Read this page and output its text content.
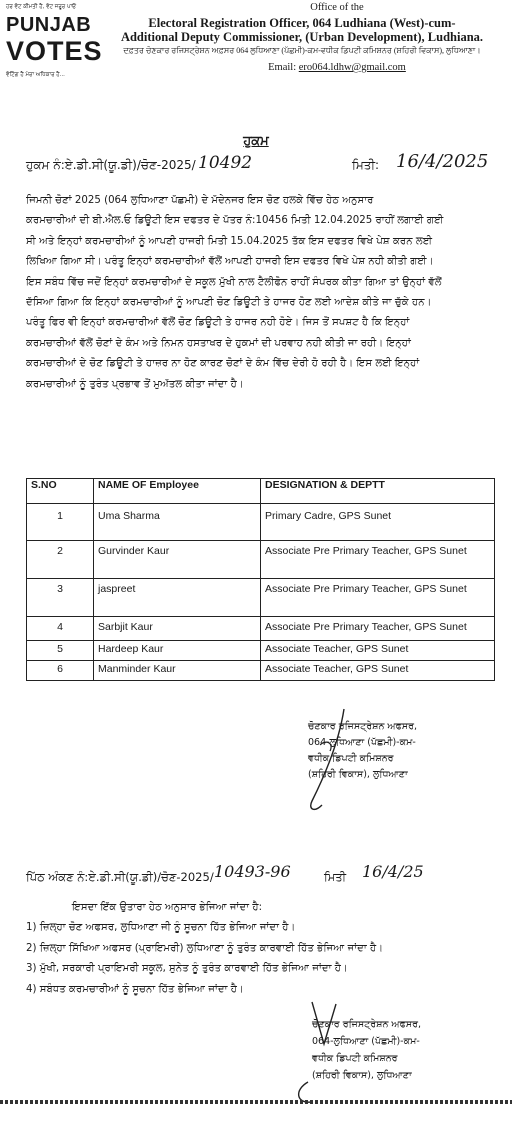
ਹਰ ਵੋਟ ਕੀਮਤੀ ਹੈ, ਵੋਟ ਜਰੂਰ ਪਾਓ
PUNJAB
VOTES
ਵੋਟਿੰਗ ਹੈ ਮੇਰਾ ਅਧਿਕਾਰ ਹੈ...
Office of the
Electoral Registration Officer, 064 Ludhiana (West)-cum-
Additional Deputy Commissioner, (Urban Development), Ludhiana.
ਦਫ਼ਤਰ ਚੋਣਕਾਰ ਰਜਿਸਟ੍ਰੇਸ਼ਨ ਅਫ਼ਸਰ 064 ਲੁਧਿਆਣਾ (ਪੱਛਮੀ)-ਕਮ-ਵਧੀਕ ਡਿਪਟੀ ਕਮਿਸ਼ਨਰ (ਸ਼ਹਿਰੀ ਵਿਕਾਸ), ਲੁਧਿਆਣਾ।
Email: ero064.ldhw@gmail.com
ਹੁਕਮ
ਹੁਕਮ ਨੰ:ਏ.ਡੀ.ਸੀ(ਯੂ.ਡੀ)/ਚੋਣ-2025/ 10492	ਮਿਤੀ: 16/4/2025
ਜਿਮਨੀ ਚੋਣਾਂ 2025 (064 ਲੁਧਿਆਣਾ ਪੱਛਮੀ) ਦੇ ਮੱਦੇਨਜਰ ਇਸ ਚੋਣ ਹਲਕੇ ਵਿੱਚ ਹੇਠ ਅਨੁਸਾਰ
ਕਰਮਚਾਰੀਆਂ ਦੀ ਬੀ.ਐਲ.ਓ ਡਿਊਟੀ ਇਸ ਦਫਤਰ ਦੇ ਪੱਤਰ ਨੰ:10456 ਮਿਤੀ 12.04.2025 ਰਾਹੀਂ ਲਗਾਈ ਗਈ
ਸੀ ਅਤੇ ਇਨ੍ਹਾਂ ਕਰਮਚਾਰੀਆਂ ਨੂੰ ਆਪਣੀ ਹਾਜਰੀ ਮਿਤੀ 15.04.2025 ਤੱਕ ਇਸ ਦਫਤਰ ਵਿਖੇ ਪੇਸ਼ ਕਰਨ ਲਈ
ਲਿਖਿਆ ਗਿਆ ਸੀ। ਪਰੰਤੂ ਇਨ੍ਹਾਂ ਕਰਮਚਾਰੀਆਂ ਵੱਲੋਂ ਆਪਣੀ ਹਾਜਰੀ ਇਸ ਦਫਤਰ ਵਿਖੇ ਪੇਸ਼ ਨਹੀ ਕੀਤੀ ਗਈ।
ਇਸ ਸਬੰਧ ਵਿੱਚ ਜਦੋਂ ਇਨ੍ਹਾਂ ਕਰਮਚਾਰੀਆਂ ਦੇ ਸਕੂਲ ਮੁੱਖੀ ਨਾਲ ਟੈਲੀਫੋਨ ਰਾਹੀਂ ਸੰਪਰਕ ਕੀਤਾ ਗਿਆ ਤਾਂ ਉਨ੍ਹਾਂ ਵੱਲੋਂ
ਦੱਸਿਆ ਗਿਆ ਕਿ ਇਨ੍ਹਾਂ ਕਰਮਚਾਰੀਆਂ ਨੂੰ ਆਪਣੀ ਚੋਣ ਡਿਊਟੀ ਤੇ ਹਾਜਰ ਹੋਣ ਲਈ ਆਦੇਸ਼ ਕੀਤੇ ਜਾ ਚੁੱਕੇ ਹਨ।
ਪਰੰਤੂ ਫਿਰ ਵੀ ਇਨ੍ਹਾਂ ਕਰਮਚਾਰੀਆਂ ਵੱਲੋਂ ਚੋਣ ਡਿਊਟੀ ਤੇ ਹਾਜਰ ਨਹੀ ਹੋਏ। ਜਿਸ ਤੋਂ ਸਪਸ਼ਟ ਹੈ ਕਿ ਇਨ੍ਹਾਂ
ਕਰਮਚਾਰੀਆਂ ਵੱਲੋਂ ਚੋਣਾਂ ਦੇ ਕੰਮ ਅਤੇ ਨਿਮਨ ਹਸਤਾਖਰ ਦੇ ਹੁਕਮਾਂ ਦੀ ਪਰਵਾਹ ਨਹੀ ਕੀਤੀ ਜਾ ਰਹੀ। ਇਨ੍ਹਾਂ
ਕਰਮਚਾਰੀਆਂ ਦੇ ਚੋਣ ਡਿਊਟੀ ਤੇ ਹਾਜ਼ਰ ਨਾ ਹੋਣ ਕਾਰਣ ਚੋਣਾਂ ਦੇ ਕੰਮ ਵਿੱਚ ਦੇਰੀ ਹੋ ਰਹੀ ਹੈ। ਇਸ ਲਈ ਇਨ੍ਹਾਂ
ਕਰਮਚਾਰੀਆਂ ਨੂੰ ਤੁਰੰਤ ਪ੍ਰਭਾਵ ਤੋਂ ਮੁਅੱਤਲ ਕੀਤਾ ਜਾਂਦਾ ਹੈ।
S.NO	NAME OF Employee	DESIGNATION & DEPTT
1	Uma Sharma	Primary Cadre, GPS Sunet
2	Gurvinder Kaur	Associate Pre Primary Teacher, GPS Sunet
3	jaspreet	Associate Pre Primary Teacher, GPS Sunet
4	Sarbjit Kaur	Associate Pre Primary Teacher, GPS Sunet
5	Hardeep Kaur	Associate Teacher, GPS Sunet
6	Manminder Kaur	Associate Teacher, GPS Sunet
ਚੋਣਕਾਰ ਰਜਿਸਟ੍ਰੇਸ਼ਨ ਅਫਸਰ,
064-ਲੁਧਿਆਣਾ (ਪੱਛਮੀ)-ਕਮ-
ਵਧੀਕ ਡਿਪਟੀ ਕਮਿਸ਼ਨਰ
(ਸ਼ਹਿਰੀ ਵਿਕਾਸ), ਲੁਧਿਆਣਾ
ਪਿੱਠ ਅੰਕਣ ਨੰ:ਏ.ਡੀ.ਸੀ(ਯੂ.ਡੀ)/ਚੋਣ-2025/ 10493-96	ਮਿਤੀ 16/4/25
ਇਸਦਾ ਇੱਕ ਉਤਾਰਾ ਹੇਠ ਅਨੁਸਾਰ ਭੇਜਿਆ ਜਾਂਦਾ ਹੈ:
1) ਜ਼ਿਲ੍ਹਾ ਚੋਣ ਅਫਸਰ, ਲੁਧਿਆਣਾ ਜੀ ਨੂੰ ਸੂਚਨਾ ਹਿੱਤ ਭੇਜਿਆ ਜਾਂਦਾ ਹੈ।
2) ਜ਼ਿਲ੍ਹਾ ਸਿੱਖਿਆ ਅਫਸਰ (ਪ੍ਰਾਇਮਰੀ) ਲੁਧਿਆਣਾ ਨੂੰ ਤੁਰੰਤ ਕਾਰਵਾਈ ਹਿੱਤ ਭੇਜਿਆ ਜਾਂਦਾ ਹੈ।
3) ਮੁੱਖੀ, ਸਰਕਾਰੀ ਪ੍ਰਾਇਮਰੀ ਸਕੂਲ, ਸੁਨੇਤ ਨੂੰ ਤੁਰੰਤ ਕਾਰਵਾਈ ਹਿੱਤ ਭੇਜਿਆ ਜਾਂਦਾ ਹੈ।
4) ਸਬੰਧਤ ਕਰਮਚਾਰੀਆਂ ਨੂੰ ਸੂਚਨਾ ਹਿੱਤ ਭੇਜਿਆ ਜਾਂਦਾ ਹੈ।
ਚੋਣਕਾਰ ਰਜਿਸਟ੍ਰੇਸ਼ਨ ਅਫਸਰ,
064-ਲੁਧਿਆਣਾ (ਪੱਛਮੀ)-ਕਮ-
ਵਧੀਕ ਡਿਪਟੀ ਕਮਿਸ਼ਨਰ
(ਸ਼ਹਿਰੀ ਵਿਕਾਸ), ਲੁਧਿਆਣਾ
